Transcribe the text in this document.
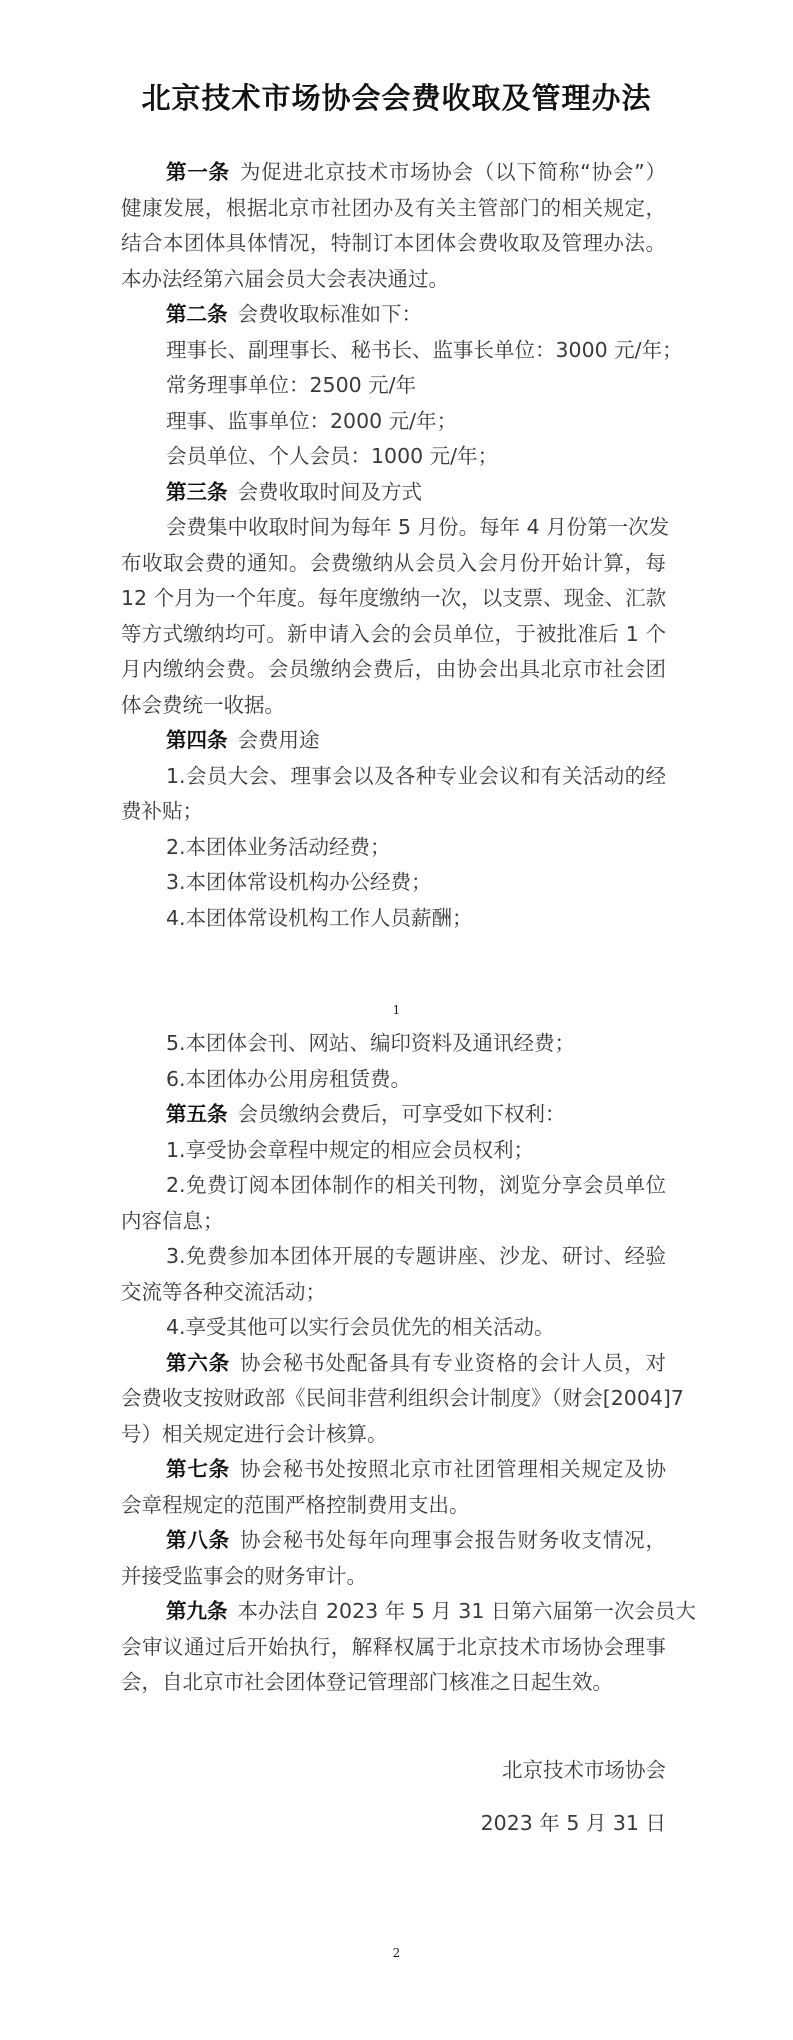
北京技术市场协会会费收取及管理办法
第一条 为促进北京技术市场协会（以下简称“协会”）
健康发展，根据北京市社团办及有关主管部门的相关规定，
结合本团体具体情况，特制订本团体会费收取及管理办法。
本办法经第六届会员大会表决通过。
第二条 会费收取标准如下：
理事长、副理事长、秘书长、监事长单位：3000 元/年；
常务理事单位：2500 元/年
理事、监事单位：2000 元/年；
会员单位、个人会员：1000 元/年；
第三条 会费收取时间及方式
会费集中收取时间为每年 5 月份。每年 4 月份第一次发
布收取会费的通知。会费缴纳从会员入会月份开始计算，每
12 个月为一个年度。每年度缴纳一次，以支票、现金、汇款
等方式缴纳均可。新申请入会的会员单位，于被批准后 1 个
月内缴纳会费。会员缴纳会费后，由协会出具北京市社会团
体会费统一收据。
第四条 会费用途
1.会员大会、理事会以及各种专业会议和有关活动的经
费补贴；
2.本团体业务活动经费；
3.本团体常设机构办公经费；
4.本团体常设机构工作人员薪酬；
1
5.本团体会刊、网站、编印资料及通讯经费；
6.本团体办公用房租赁费。
第五条 会员缴纳会费后，可享受如下权利：
1.享受协会章程中规定的相应会员权利；
2.免费订阅本团体制作的相关刊物，浏览分享会员单位
内容信息；
3.免费参加本团体开展的专题讲座、沙龙、研讨、经验
交流等各种交流活动；
4.享受其他可以实行会员优先的相关活动。
第六条 协会秘书处配备具有专业资格的会计人员，对
会费收支按财政部《民间非营利组织会计制度》（财会[2004]7
号）相关规定进行会计核算。
第七条 协会秘书处按照北京市社团管理相关规定及协
会章程规定的范围严格控制费用支出。
第八条 协会秘书处每年向理事会报告财务收支情况，
并接受监事会的财务审计。
第九条 本办法自 2023 年 5 月 31 日第六届第一次会员大
会审议通过后开始执行，解释权属于北京技术市场协会理事
会，自北京市社会团体登记管理部门核准之日起生效。
北京技术市场协会
2023 年 5 月 31 日
2
